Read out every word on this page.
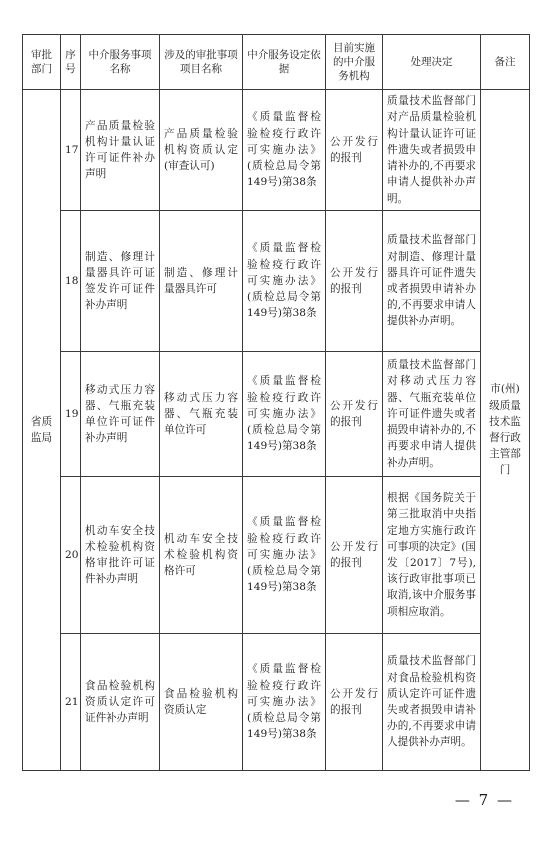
审批部门	序号	中介服务事项名称	涉及的审批事项项目名称	中介服务设定依据	目前实施的中介服务机构	处理决定	备注
省质监局	17	产品质量检验机构计量认证许可证件补办声明	产品质量检验机构资质认定(审查认可)	《质量监督检验检疫行政许可实施办法》(质检总局令第149号)第38条	公开发行的报刊	质量技术监督部门对产品质量检验机构计量认证许可证件遗失或者损毁申请补办的,不再要求申请人提供补办声明。	市(州)级质量技术监督行政主管部门
	18	制造、修理计量器具许可证签发许可证件补办声明	制造、修理计量器具许可	《质量监督检验检疫行政许可实施办法》(质检总局令第149号)第38条	公开发行的报刊	质量技术监督部门对制造、修理计量器具许可证件遗失或者损毁申请补办的,不再要求申请人提供补办声明。	
	19	移动式压力容器、气瓶充装单位许可证件补办声明	移动式压力容器、气瓶充装单位许可	《质量监督检验检疫行政许可实施办法》(质检总局令第149号)第38条	公开发行的报刊	质量技术监督部门对移动式压力容器、气瓶充装单位许可证件遗失或者损毁申请补办的,不再要求申请人提供补办声明。	
	20	机动车安全技术检验机构资格审批许可证件补办声明	机动车安全技术检验机构资格许可	《质量监督检验检疫行政许可实施办法》(质检总局令第149号)第38条	公开发行的报刊	根据《国务院关于第三批取消中央指定地方实施行政许可事项的决定》(国发〔2017〕7号),该行政审批事项已取消,该中介服务事项相应取消。	
	21	食品检验机构资质认定许可证件补办声明	食品检验机构资质认定	《质量监督检验检疫行政许可实施办法》(质检总局令第149号)第38条	公开发行的报刊	质量技术监督部门对食品检验机构资质认定许可证件遗失或者损毁申请补办的,不再要求申请人提供补办声明。	
— 7 —
